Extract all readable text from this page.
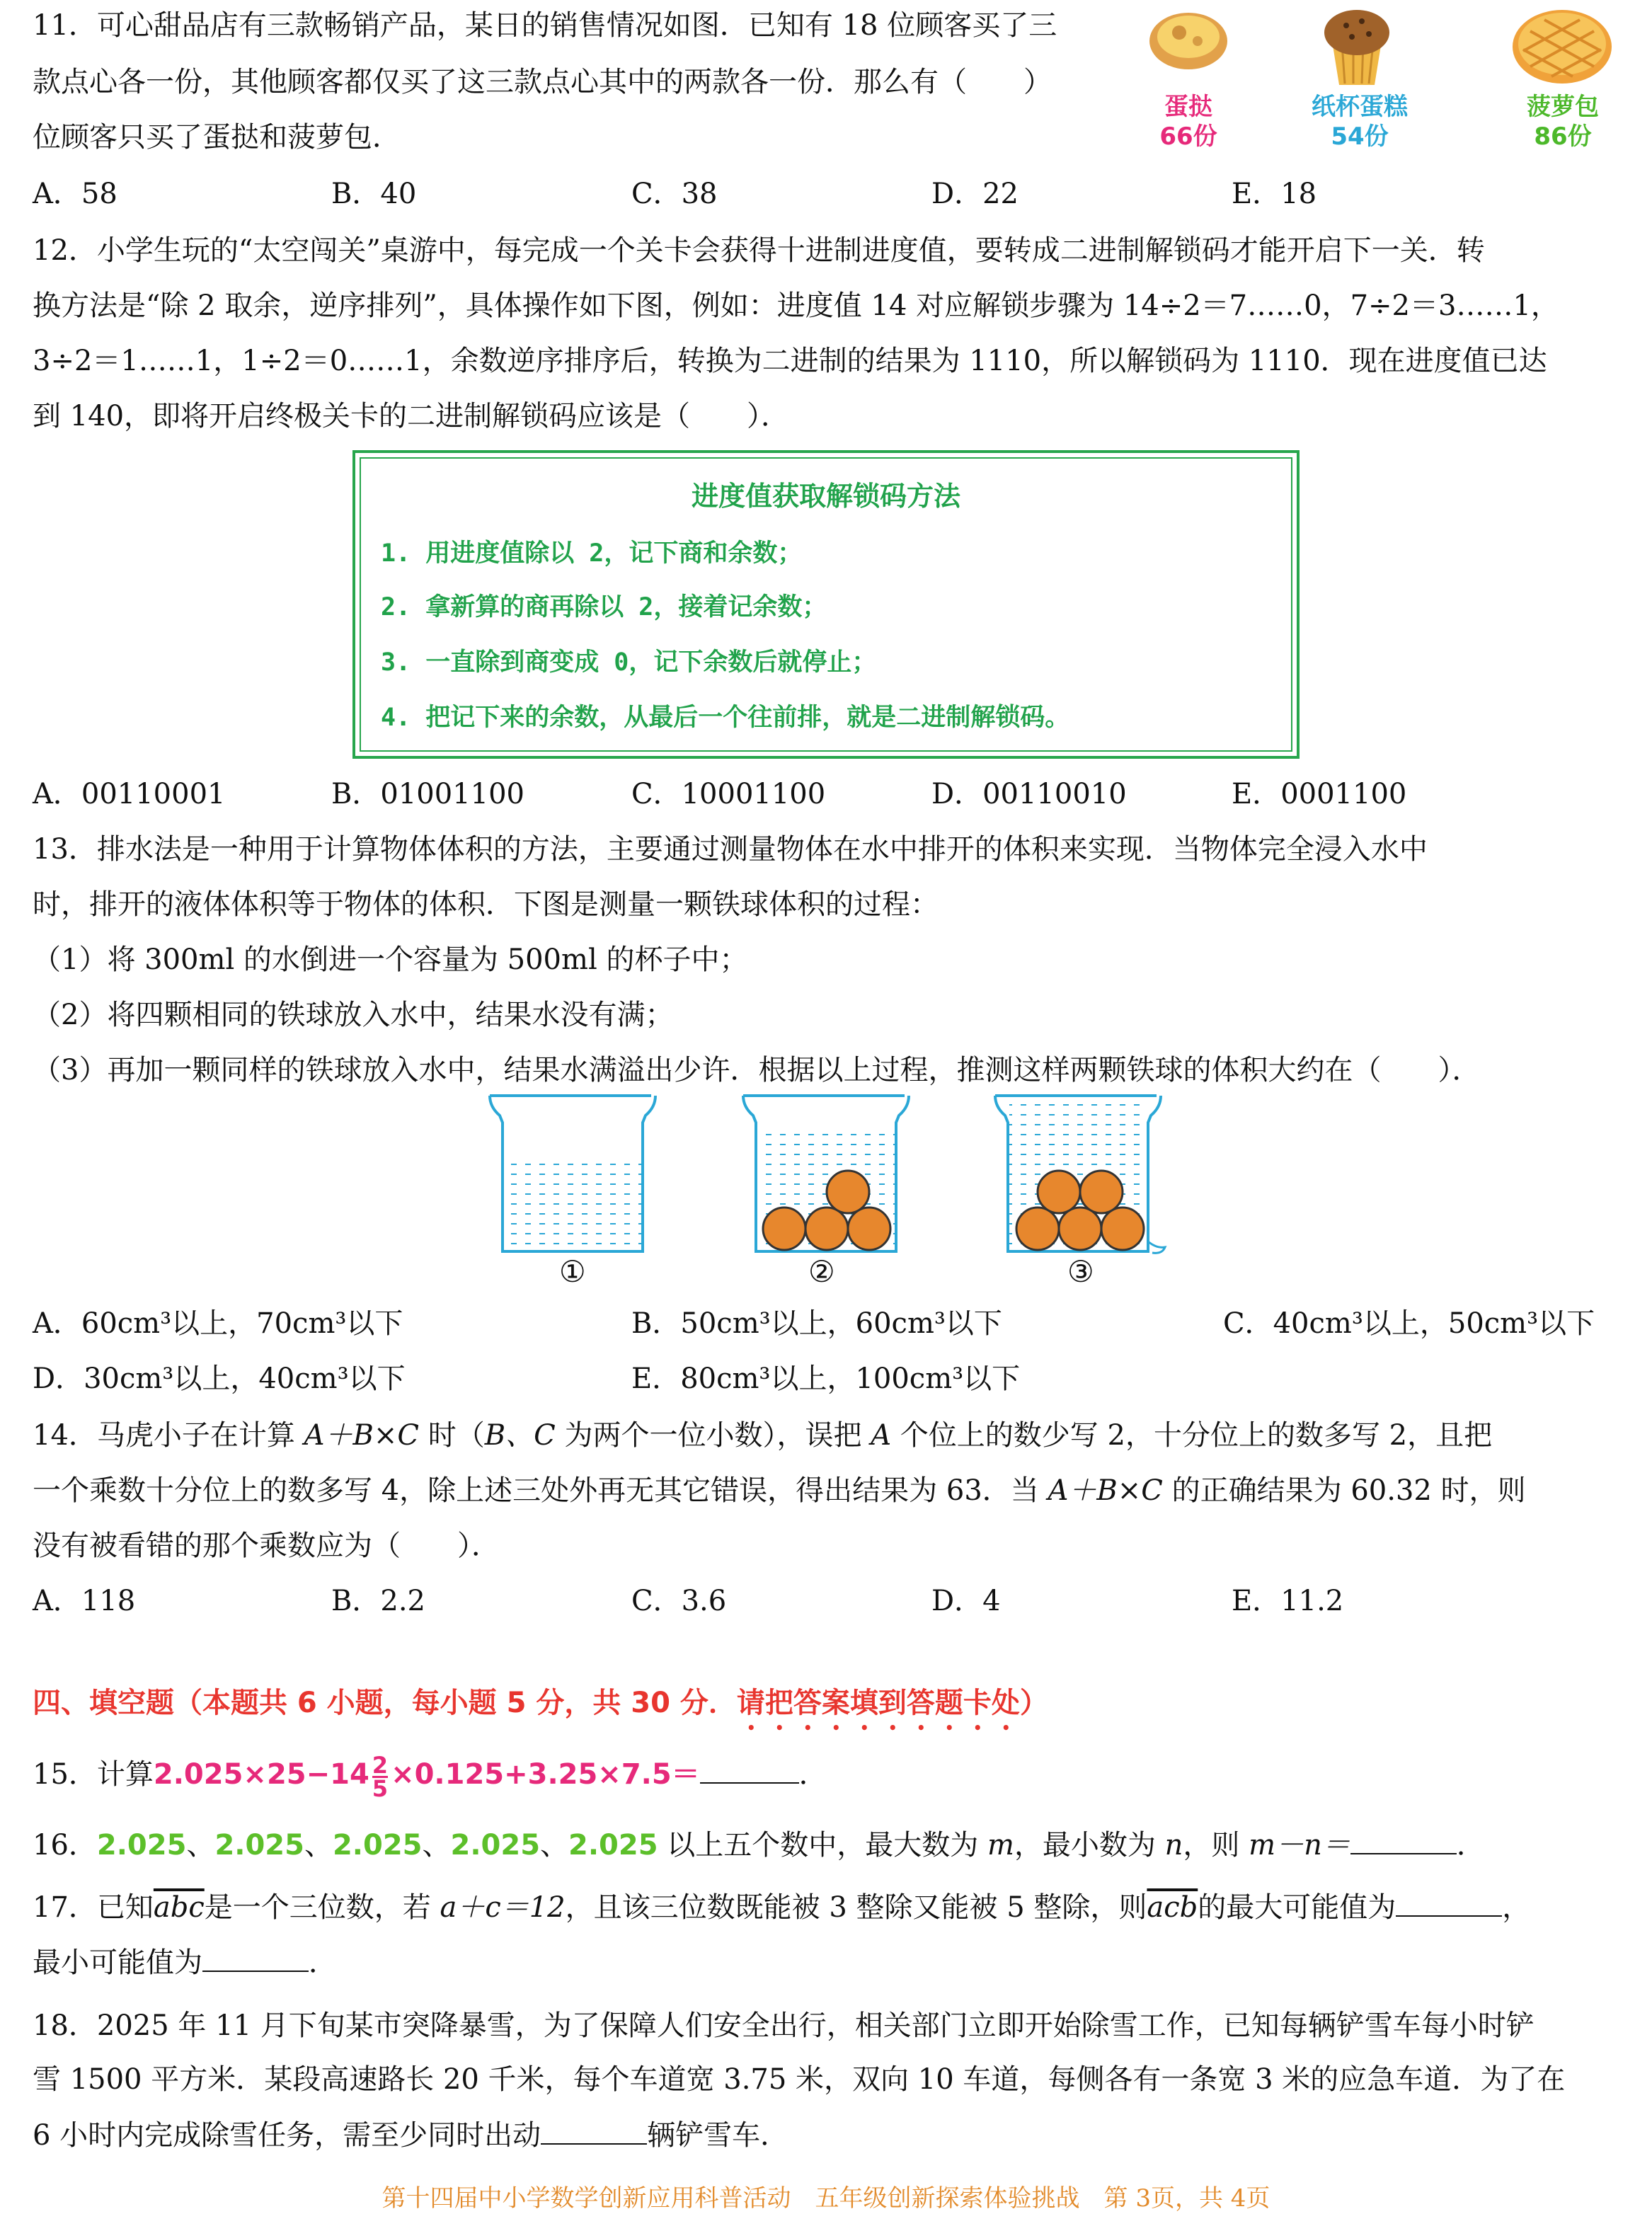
11．可心甜品店有三款畅销产品，某日的销售情况如图．已知有 18 位顾客买了三
款点心各一份，其他顾客都仅买了这三款点心其中的两款各一份．那么有（　　）
位顾客只买了蛋挞和菠萝包．
蛋挞
66份
纸杯蛋糕
54份
菠萝包
86份
A．58	B．40	C．38	D．22	E．18
12．小学生玩的“太空闯关”桌游中，每完成一个关卡会获得十进制进度值，要转成二进制解锁码才能开启下一关．转
换方法是“除 2 取余，逆序排列”，具体操作如下图，例如：进度值 14 对应解锁步骤为 14÷2＝7……0，7÷2＝3……1，
3÷2＝1……1，1÷2＝0……1，余数逆序排序后，转换为二进制的结果为 1110，所以解锁码为 1110．现在进度值已达
到 140，即将开启终极关卡的二进制解锁码应该是（　　）．
进度值获取解锁码方法
1. 用进度值除以 2，记下商和余数；
2. 拿新算的商再除以 2，接着记余数；
3. 一直除到商变成 0，记下余数后就停止；
4. 把记下来的余数，从最后一个往前排，就是二进制解锁码。
A．00110001	B．01001100	C．10001100	D．00110010	E．0001100
13．排水法是一种用于计算物体体积的方法，主要通过测量物体在水中排开的体积来实现．当物体完全浸入水中
时，排开的液体体积等于物体的体积．下图是测量一颗铁球体积的过程：
（1）将 300ml 的水倒进一个容量为 500ml 的杯子中；
（2）将四颗相同的铁球放入水中，结果水没有满；
（3）再加一颗同样的铁球放入水中，结果水满溢出少许．根据以上过程，推测这样两颗铁球的体积大约在（　　）．
①	②	③
A．60cm³以上，70cm³以下	B．50cm³以上，60cm³以下	C．40cm³以上，50cm³以下
D．30cm³以上，40cm³以下	E．80cm³以上，100cm³以下
14．马虎小子在计算 A＋B×C 时（B、C 为两个一位小数），误把 A 个位上的数少写 2，十分位上的数多写 2，且把
一个乘数十分位上的数多写 4，除上述三处外再无其它错误，得出结果为 63．当 A＋B×C 的正确结果为 60.32 时，则
没有被看错的那个乘数应为（　　）．
A．118	B．2.2	C．3.6	D．4	E．11.2
四、填空题（本题共 6 小题，每小题 5 分，共 30 分．请把答案填到答题卡处）
15．计算$2.025\times 25-14 \frac{2}{5} \times 0.125+3.25\times 7.5=$	．
16．2.025、2.025、2.025、2.025、2.025 以上五个数中，最大数为 m，最小数为 n，则 m－n＝	．
17．已知$\overline{abc}$是一个三位数，若 a＋c＝12，且该三位数既能被 3 整除又能被 5 整除，则$\overline{acb}$的最大可能值为	，
最小可能值为	．
18．2025 年 11 月下旬某市突降暴雪，为了保障人们安全出行，相关部门立即开始除雪工作，已知每辆铲雪车每小时铲
雪 1500 平方米．某段高速路长 20 千米，每个车道宽 3.75 米，双向 10 车道，每侧各有一条宽 3 米的应急车道．为了在
6 小时内完成除雪任务，需至少同时出动	辆铲雪车．
第十四届中小学数学创新应用科普活动　五年级创新探索体验挑战　第 3页，共 4页
